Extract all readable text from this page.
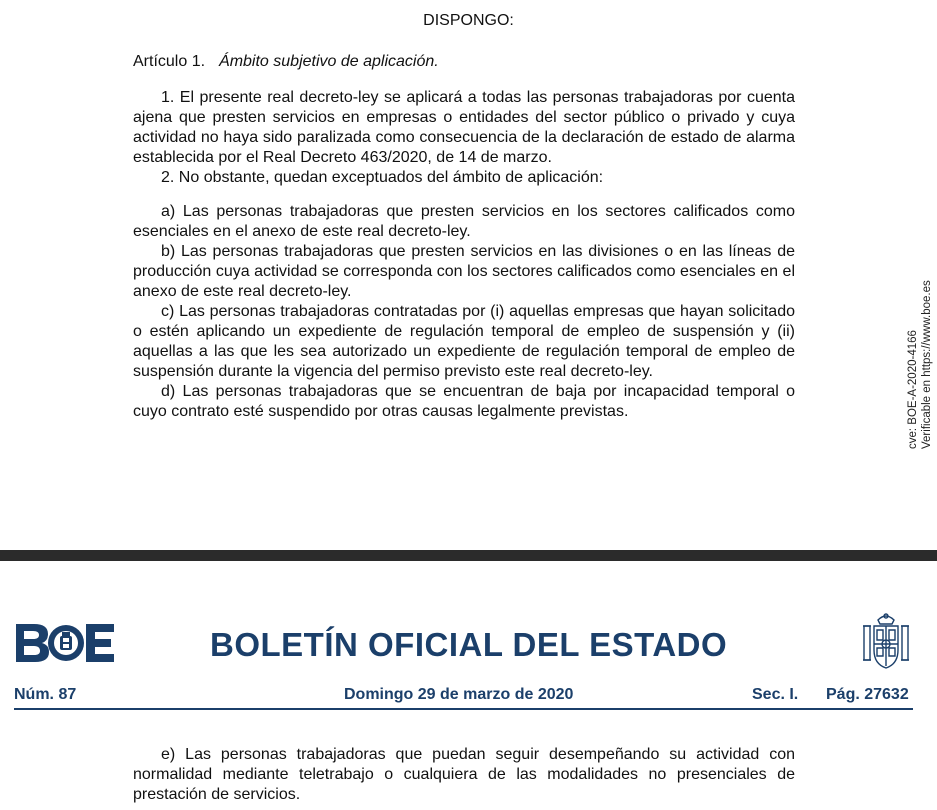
DISPONGO:
Artículo 1. Ámbito subjetivo de aplicación.

1. El presente real decreto-ley se aplicará a todas las personas trabajadoras por cuenta ajena que presten servicios en empresas o entidades del sector público o privado y cuya actividad no haya sido paralizada como consecuencia de la declaración de estado de alarma establecida por el Real Decreto 463/2020, de 14 de marzo.

2. No obstante, quedan exceptuados del ámbito de aplicación:

a) Las personas trabajadoras que presten servicios en los sectores calificados como esenciales en el anexo de este real decreto-ley.

b) Las personas trabajadoras que presten servicios en las divisiones o en las líneas de producción cuya actividad se corresponda con los sectores calificados como esenciales en el anexo de este real decreto-ley.

c) Las personas trabajadoras contratadas por (i) aquellas empresas que hayan solicitado o estén aplicando un expediente de regulación temporal de empleo de suspensión y (ii) aquellas a las que les sea autorizado un expediente de regulación temporal de empleo de suspensión durante la vigencia del permiso previsto este real decreto-ley.

d) Las personas trabajadoras que se encuentran de baja por incapacidad temporal o cuyo contrato esté suspendido por otras causas legalmente previstas.	cve: BOE-A-2020-4166 Verificable en https://www.boe.es
BOLETÍN OFICIAL DEL ESTADO
Núm. 87	Domingo 29 de marzo de 2020	Sec. I. Pág. 27632

e) Las personas trabajadoras que puedan seguir desempeñando su actividad con normalidad mediante teletrabajo o cualquiera de las modalidades no presenciales de prestación de servicios.
